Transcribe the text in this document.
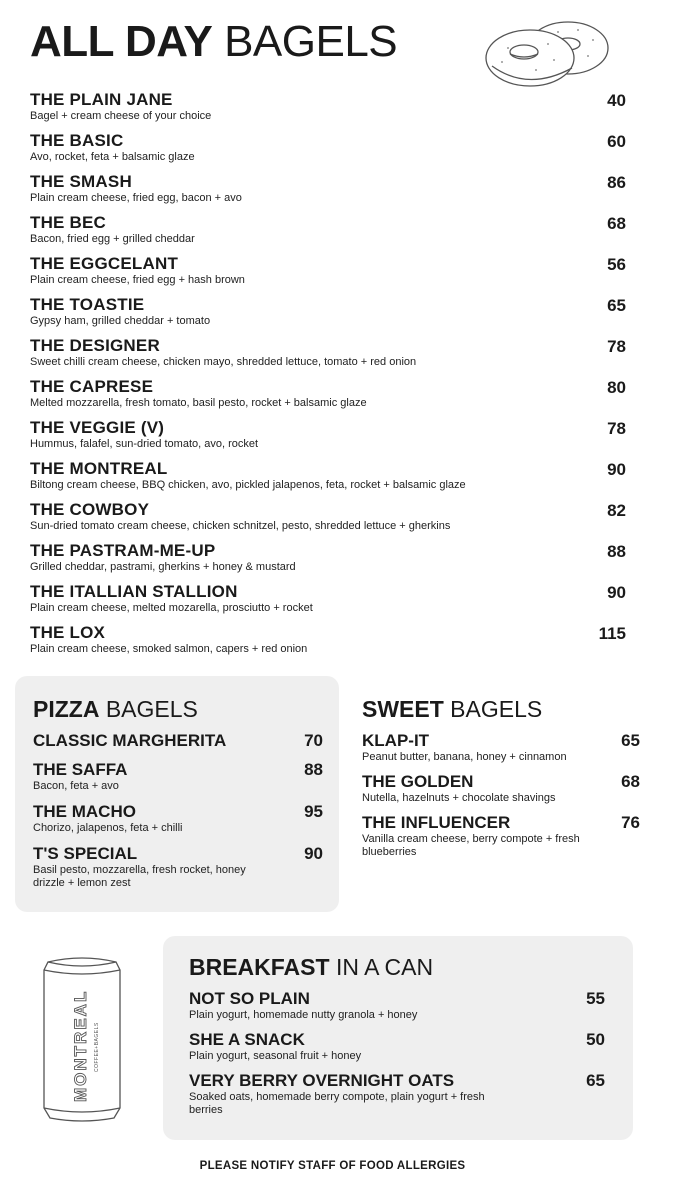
ALL DAY BAGELS
THE PLAIN JANE
Bagel + cream cheese of your choice
40
THE BASIC
Avo, rocket, feta + balsamic glaze
60
THE SMASH
Plain cream cheese, fried egg, bacon + avo
86
THE BEC
Bacon, fried egg + grilled cheddar
68
THE EGGCELANT
Plain cream cheese, fried egg + hash brown
56
THE TOASTIE
Gypsy ham, grilled cheddar + tomato
65
THE DESIGNER
Sweet chilli cream cheese, chicken mayo, shredded lettuce, tomato + red onion
78
THE CAPRESE
Melted mozzarella, fresh tomato, basil pesto, rocket + balsamic glaze
80
THE VEGGIE (V)
Hummus, falafel, sun-dried tomato, avo, rocket
78
THE MONTREAL
Biltong cream cheese, BBQ chicken, avo, pickled jalapenos, feta, rocket + balsamic glaze
90
THE COWBOY
Sun-dried tomato cream cheese, chicken schnitzel, pesto, shredded lettuce + gherkins
82
THE PASTRAM-ME-UP
Grilled cheddar, pastrami, gherkins + honey & mustard
88
THE ITALLIAN STALLION
Plain cream cheese, melted mozarella, prosciutto + rocket
90
THE LOX
Plain cream cheese, smoked salmon, capers + red onion
115
PIZZA BAGELS
CLASSIC MARGHERITA	70
THE SAFFA
Bacon, feta + avo
88
THE MACHO
Chorizo, jalapenos, feta + chilli
95
T'S SPECIAL
Basil pesto, mozzarella, fresh rocket, honey drizzle + lemon zest
90
SWEET BAGELS
KLAP-IT
Peanut butter, banana, honey + cinnamon
65
THE GOLDEN
Nutella, hazelnuts + chocolate shavings
68
THE INFLUENCER
Vanilla cream cheese, berry compote + fresh blueberries
76
MONTREAL COFFEE+BAGELS
BREAKFAST IN A CAN
NOT SO PLAIN
Plain yogurt, homemade nutty granola + honey
55
SHE A SNACK
Plain yogurt, seasonal fruit + honey
50
VERY BERRY OVERNIGHT OATS
Soaked oats, homemade berry compote, plain yogurt + fresh berries
65
PLEASE NOTIFY STAFF OF FOOD ALLERGIES
